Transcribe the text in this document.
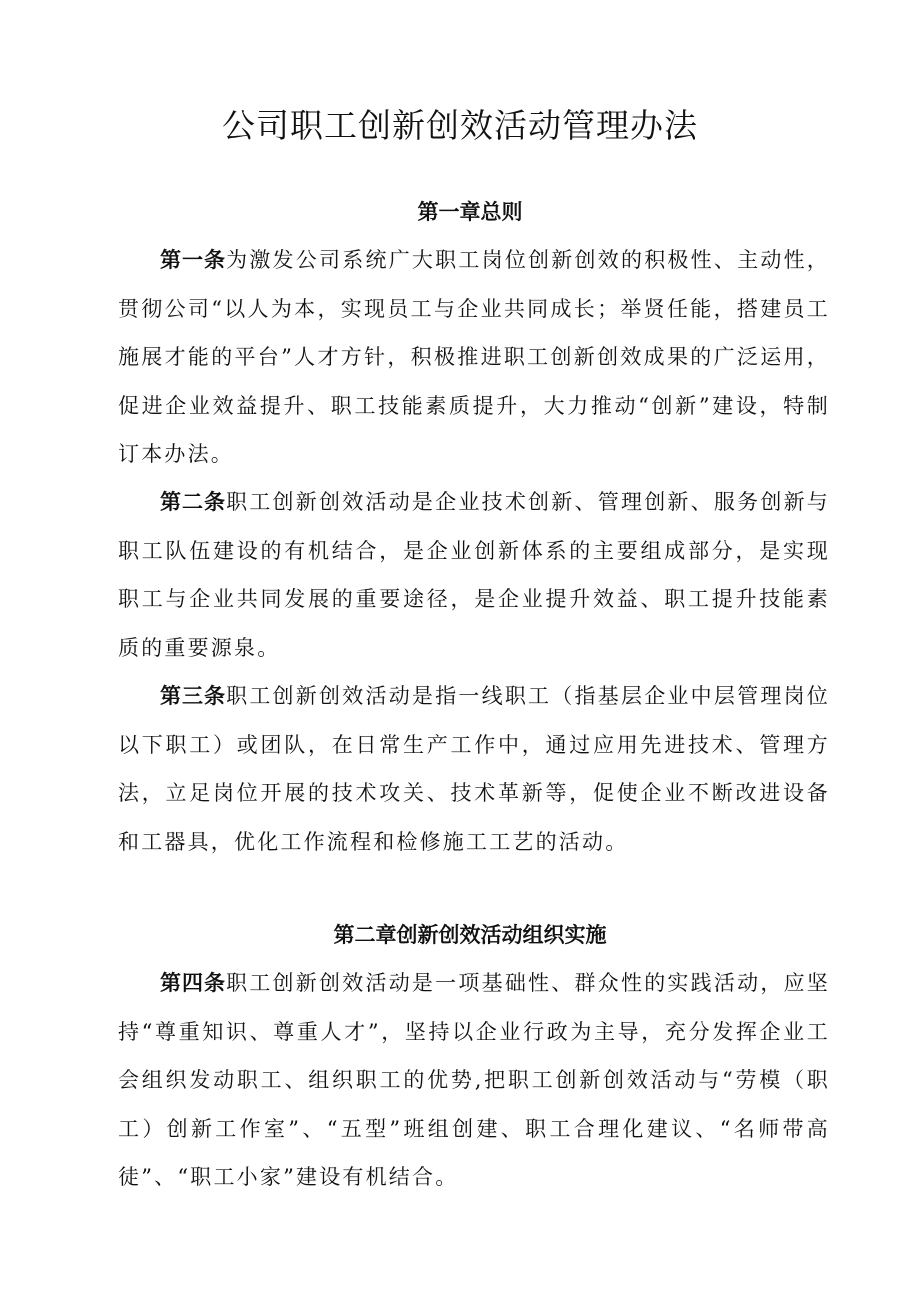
公司职工创新创效活动管理办法
第一章总则

第一条为激发公司系统广大职工岗位创新创效的积极性、主动性，贯彻公司“以人为本，实现员工与企业共同成长；举贤任能，搭建员工施展才能的平台”人才方针，积极推进职工创新创效成果的广泛运用，促进企业效益提升、职工技能素质提升，大力推动“创新”建设，特制订本办法。

第二条职工创新创效活动是企业技术创新、管理创新、服务创新与职工队伍建设的有机结合，是企业创新体系的主要组成部分，是实现职工与企业共同发展的重要途径，是企业提升效益、职工提升技能素质的重要源泉。

第三条职工创新创效活动是指一线职工（指基层企业中层管理岗位以下职工）或团队，在日常生产工作中，通过应用先进技术、管理方法，立足岗位开展的技术攻关、技术革新等，促使企业不断改进设备和工器具，优化工作流程和检修施工工艺的活动。

第二章创新创效活动组织实施

第四条职工创新创效活动是一项基础性、群众性的实践活动，应坚持“尊重知识、尊重人才”，坚持以企业行政为主导，充分发挥企业工会组织发动职工、组织职工的优势,把职工创新创效活动与“劳模（职工）创新工作室”、“五型”班组创建、职工合理化建议、“名师带高徒”、“职工小家”建设有机结合。
